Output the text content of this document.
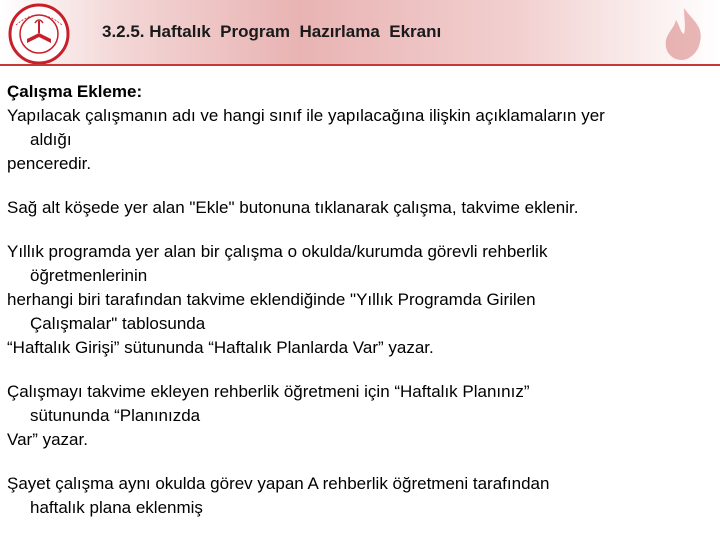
3.2.5. Haftalık  Program  Hazırlama  Ekranı
Çalışma Ekleme:
Yapılacak çalışmanın adı ve hangi sınıf ile yapılacağına ilişkin açıklamaların yer
aldığı
penceredir.
Sağ alt köşede yer alan "Ekle" butonuna tıklanarak çalışma, takvime eklenir.
Yıllık programda yer alan bir çalışma o okulda/kurumda görevli rehberlik
öğretmenlerinin
herhangi biri tarafından takvime eklendiğinde "Yıllık Programda Girilen
Çalışmalar" tablosunda
“Haftalık Girişi” sütununda “Haftalık Planlarda Var” yazar.
Çalışmayı takvime ekleyen rehberlik öğretmeni için “Haftalık Planınız”
sütununda “Planınızda
Var” yazar.
Şayet çalışma aynı okulda görev yapan A rehberlik öğretmeni tarafından
haftalık plana eklenmiş
